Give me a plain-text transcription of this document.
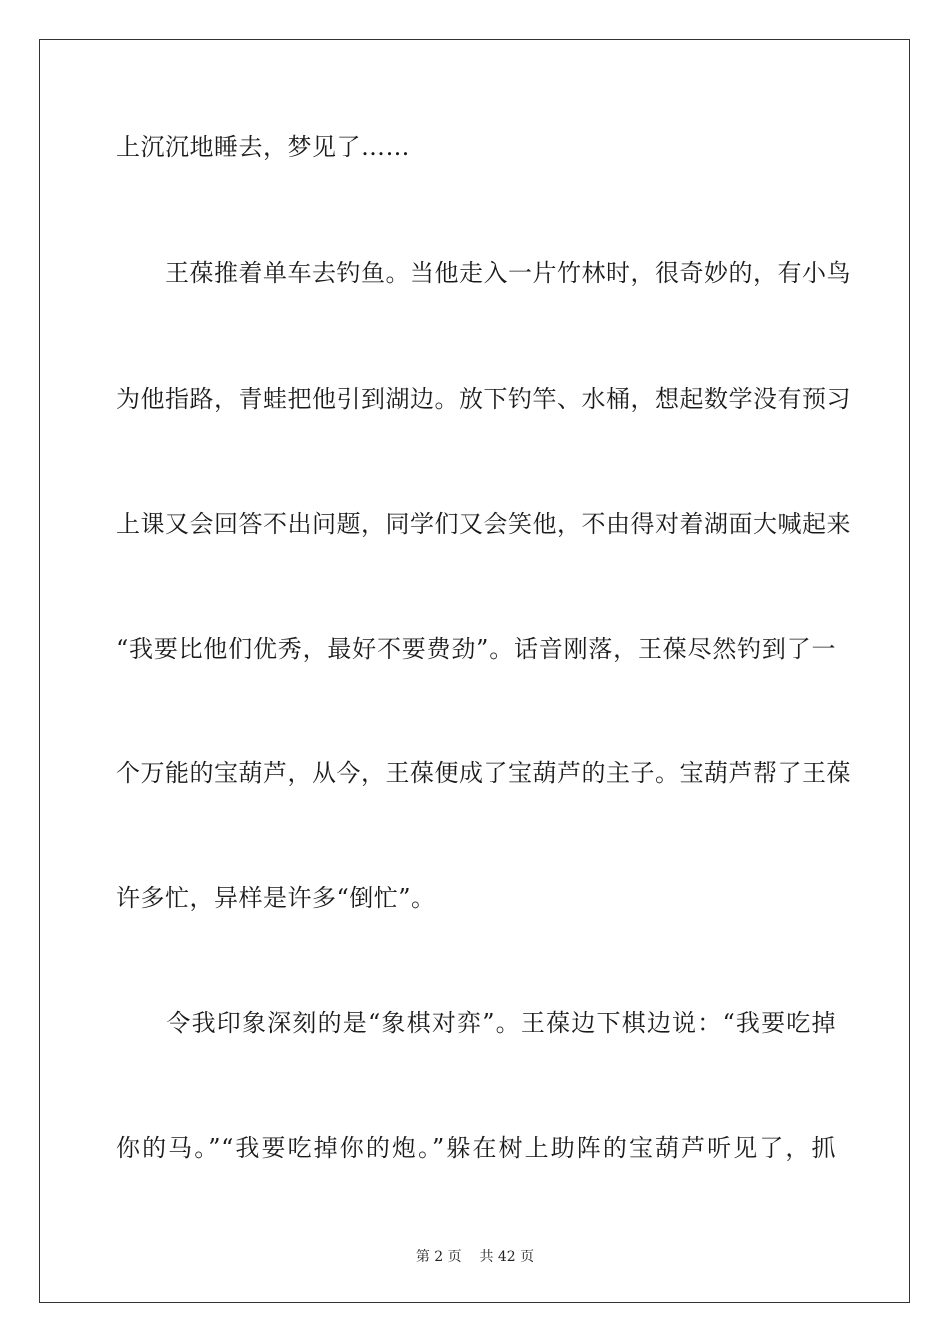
上沉沉地睡去，梦见了……
　　王葆推着单车去钓鱼。当他走入一片竹林时，很奇妙的，有小鸟
为他指路，青蛙把他引到湖边。放下钓竿、水桶，想起数学没有预习
上课又会回答不出问题，同学们又会笑他，不由得对着湖面大喊起来
“我要比他们优秀，最好不要费劲”。话音刚落，王葆尽然钓到了一
个万能的宝葫芦，从今，王葆便成了宝葫芦的主子。宝葫芦帮了王葆
许多忙，异样是许多“倒忙”。
　　令我印象深刻的是“象棋对弈”。王葆边下棋边说：“我要吃掉
你的马。”“我要吃掉你的炮。”躲在树上助阵的宝葫芦听见了，抓
第 2 页 共 42 页
